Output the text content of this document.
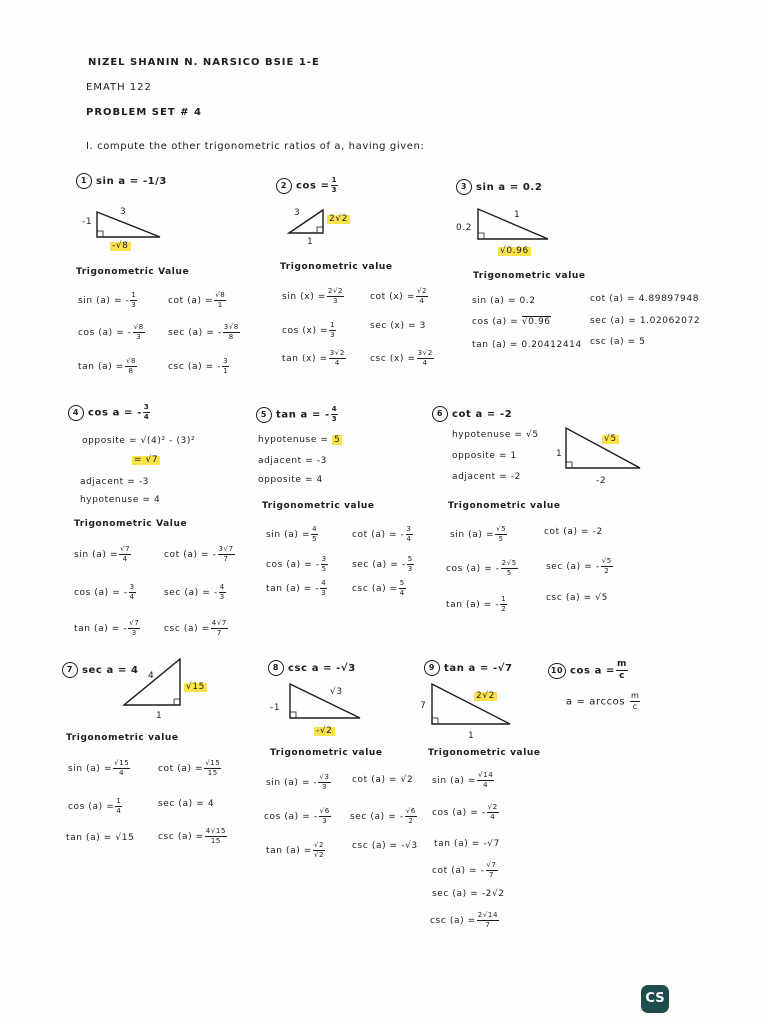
NIZEL SHANIN N. NARSICO BSIE 1-E
EMATH 122
PROBLEM SET # 4
I. compute the other trigonometric ratios of a, having given:
1 sin a = -1/3
-1
3
-√8
Trigonometric Value
sin (a) = - $\frac{1}{3}$	$\cot (a) = \frac{√8}{1}$
cos (a) = - $\frac{√8}{3}$	sec (a) = - $\frac{3√8}{8}$
$\tan (a) = \frac{√8}{8}$	csc (a) = - $\frac{3}{1}$
2 $\cos = \frac{1}{3}$
3
2√2
1
Trigonometric value
$\sin (x) = \frac{2√2}{3}$	$\cot (x) = \frac{√2}{4}$
$\cos (x) = \frac{1}{3}$	sec (x) = 3
$\tan (x) = \frac{3√2}{4}$	$\csc (x) = \frac{3√2}{4}$
3 sin a = 0.2
0.2
1
√0.96
Trigonometric value
sin (a) = 0.2	cot (a) = 4.89897948
cos (a) = √0.96	sec (a) = 1.02062072
tan (a) = 0.20412414 csc (a) = 5
4 cos a = - $\frac{3}{4}$
opposite = √(4)² - (3)²
= √7
adjacent = -3
hypotenuse = 4
Trigonometric Value
$\sin (a) = \frac{√7}{4}$	cot (a) = - $\frac{3√7}{7}$
cos (a) = - $\frac{3}{4}$	sec (a) = - $\frac{4}{3}$
tan (a) = - $\frac{√7}{3}$	$\csc (a) = \frac{4√7}{7}$
5 tan a = - $\frac{4}{3}$
hypotenuse = 5
adjacent = -3
opposite = 4
Trigonometric value
$\sin (a) = \frac{4}{5}$	cot (a) = - $\frac{3}{4}$
cos (a) = - $\frac{3}{5}$	sec (a) = - $\frac{5}{3}$
tan (a) = - $\frac{4}{3}$	$\csc (a) = \frac{5}{4}$
6 cot a = -2
hypotenuse = √5
opposite = 1
adjacent = -2
1
√5
-2
Trigonometric value
$\sin (a) = \frac{√5}{5}$	cot (a) = -2
cos (a) = - $\frac{2√5}{5}$	sec (a) = - $\frac{√5}{2}$
tan (a) = - $\frac{1}{2}$	csc (a) = √5
7 sec a = 4 4
√15
1
Trigonometric value
$\sin (a) = \frac{√15}{4}$	$\cot (a) = \frac{√15}{15}$
$\cos (a) = \frac{1}{4}$	sec (a) = 4
tan (a) = √15	$\csc (a) = \frac{4√15}{15}$
8 csc a = -√3
-1
√3
-√2
Trigonometric value
sin (a) = - $\frac{√3}{3}$ cot (a) = √2
cos (a) = - $\frac{√6}{3}$ sec (a) = - $\frac{√6}{2}$
$\tan (a) = \frac{√2}{√2}$	csc (a) = -√3
9 tan a = -√7
7
2√2
1
Trigonometric value
$\sin (a) = \frac{√14}{4}$
cos (a) = - $\frac{√2}{4}$
tan (a) = -√7
cot (a) = - $\frac{√7}{7}$
sec (a) = -2√2
$\csc (a) = \frac{2√14}{7}$
10 $\cos a = \frac{m}{c}$
$a = \arccos \frac{m}{c}$
CS
